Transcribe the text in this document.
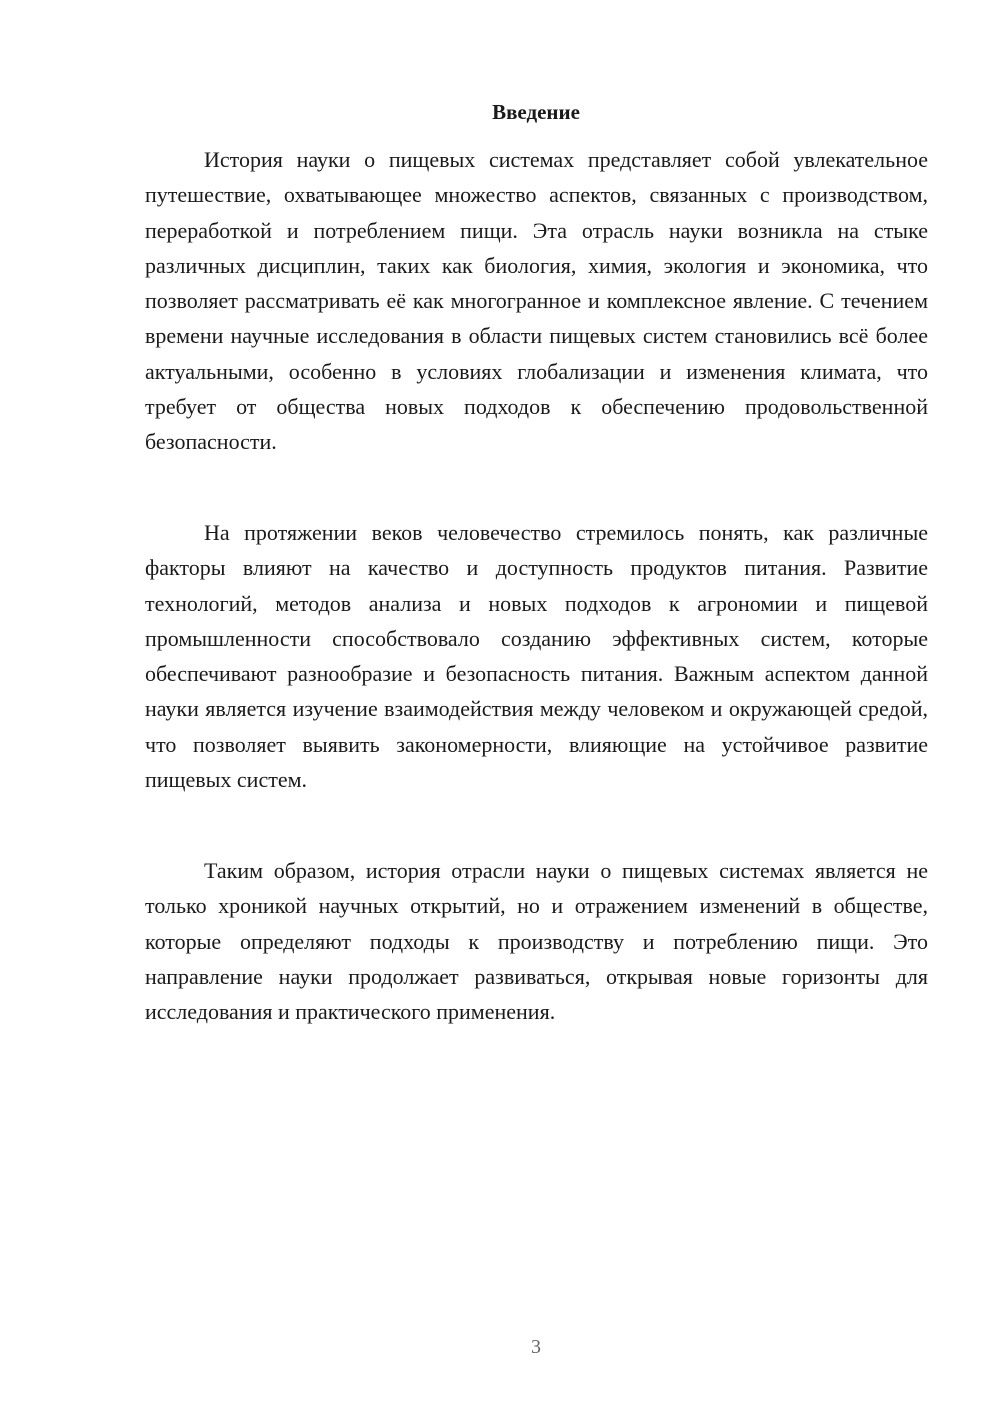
Введение

История науки о пищевых системах представляет собой увлекательное путешествие, охватывающее множество аспектов, связанных с производством, переработкой и потреблением пищи. Эта отрасль науки возникла на стыке различных дисциплин, таких как биология, химия, экология и экономика, что позволяет рассматривать её как многогранное и комплексное явление. С течением времени научные исследования в области пищевых систем становились всё более актуальными, особенно в условиях глобализации и изменения климата, что требует от общества новых подходов к обеспечению продовольственной безопасности.

На протяжении веков человечество стремилось понять, как различные факторы влияют на качество и доступность продуктов питания. Развитие технологий, методов анализа и новых подходов к агрономии и пищевой промышленности способствовало созданию эффективных систем, которые обеспечивают разнообразие и безопасность питания. Важным аспектом данной науки является изучение взаимодействия между человеком и окружающей средой, что позволяет выявить закономерности, влияющие на устойчивое развитие пищевых систем.

Таким образом, история отрасли науки о пищевых системах является не только хроникой научных открытий, но и отражением изменений в обществе, которые определяют подходы к производству и потреблению пищи. Это направление науки продолжает развиваться, открывая новые горизонты для исследования и практического применения.

3
